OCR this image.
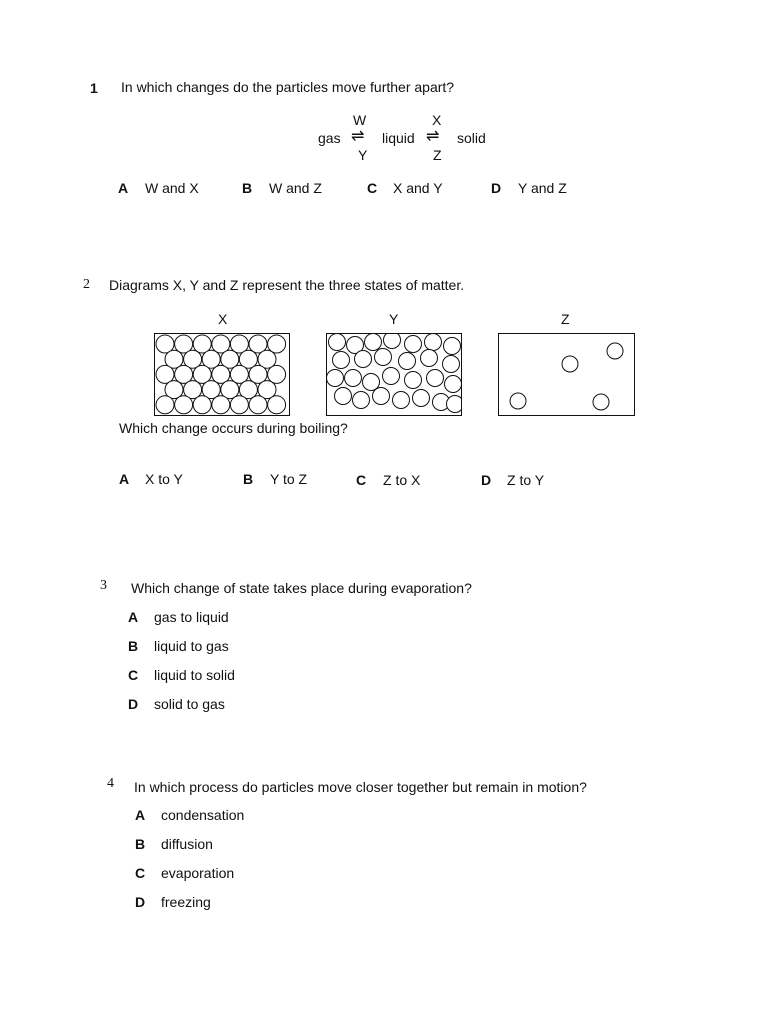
1 In which changes do the particles move further apart?
gas
W
⇌
Y
liquid
X
⇌
Z
solid
A W and X	B W and Z	C X and Y	D Y and Z
2 Diagrams X, Y and Z represent the three states of matter.
X	Y	Z
Which change occurs during boiling?
A X to Y	B Y to Z	C Z to X	D Z to Y
3 Which change of state takes place during evaporation?
A gas to liquid
B liquid to gas
C liquid to solid
D solid to gas
4 In which process do particles move closer together but remain in motion?
A condensation
B diffusion
C evaporation
D freezing
